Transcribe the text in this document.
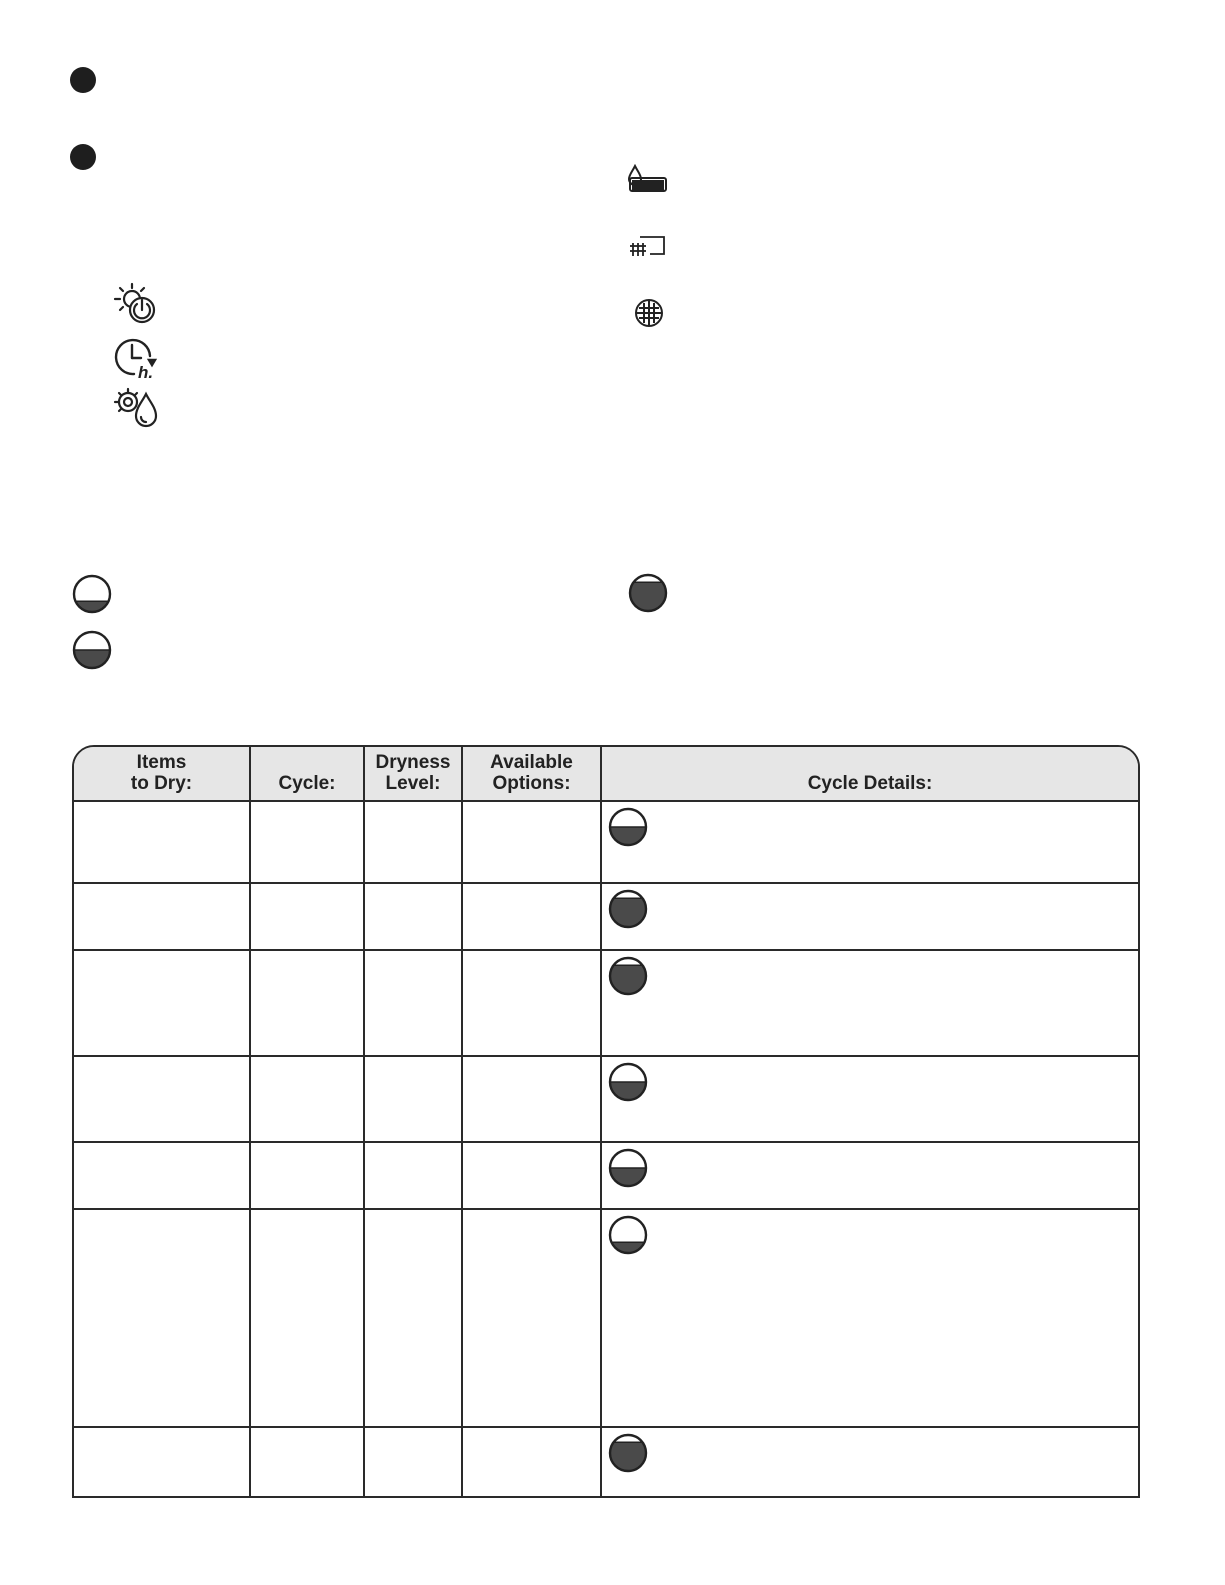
h.
Items
to Dry:	Cycle:
Dryness
Level:
Available
Options:	Cycle Details:
